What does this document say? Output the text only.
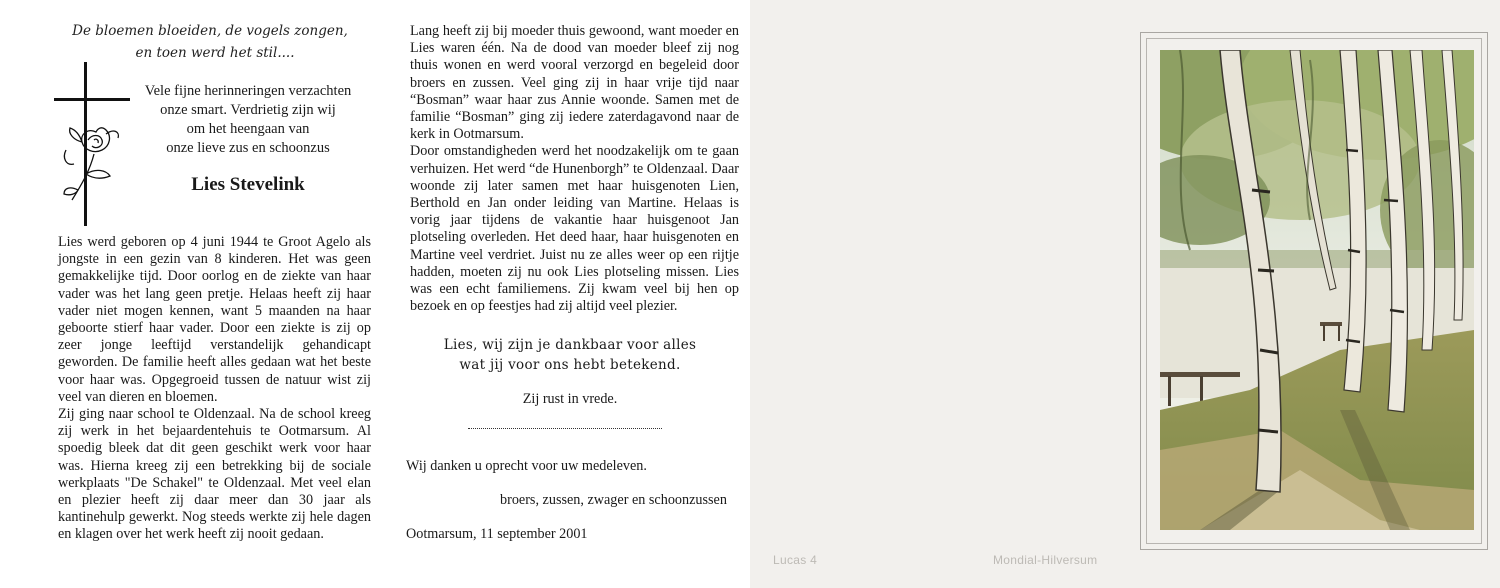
De bloemen bloeiden, de vogels zongen,
en toen werd het stil....
Vele fijne herinneringen verzachten
onze smart. Verdrietig zijn wij
om het heengaan van
onze lieve zus en schoonzus
Lies Stevelink

Lies werd geboren op 4 juni 1944 te Groot Agelo als jongste in een gezin van 8 kinderen. Het was geen gemakkelijke tijd. Door oorlog en de ziekte van haar vader was het lang geen pretje. Helaas heeft zij haar vader niet mogen kennen, want 5 maanden na haar geboorte stierf haar vader. Door een ziekte is zij op zeer jonge leeftijd verstandelijk gehandicapt geworden. De familie heeft alles gedaan wat het beste voor haar was. Opgegroeid tussen de natuur wist zij veel van dieren en bloemen.

Zij ging naar school te Oldenzaal. Na de school kreeg zij werk in het bejaardentehuis te Ootmarsum. Al spoedig bleek dat dit geen geschikt werk voor haar was. Hierna kreeg zij een betrekking bij de sociale werkplaats "De Schakel" te Oldenzaal. Met veel elan en plezier heeft zij daar meer dan 30 jaar als kantinehulp gewerkt. Nog steeds werkte zij hele dagen en klagen over het werk heeft zij nooit gedaan.

Lang heeft zij bij moeder thuis gewoond, want moeder en Lies waren één. Na de dood van moeder bleef zij nog thuis wonen en werd vooral verzorgd en begeleid door broers en zussen. Veel ging zij in haar vrije tijd naar “Bosman” waar haar zus Annie woonde. Samen met de familie “Bosman” ging zij iedere zaterdagavond naar de kerk in Ootmarsum.

Door omstandigheden werd het noodzakelijk om te gaan verhuizen. Het werd “de Hunenborgh” te Oldenzaal. Daar woonde zij later samen met haar huisgenoten Lien, Berthold en Jan onder leiding van Martine. Helaas is vorig jaar tijdens de vakantie haar huisgenoot Jan plotseling overleden. Het deed haar, haar huisgenoten en Martine veel verdriet. Juist nu ze alles weer op een rijtje hadden, moeten zij nu ook Lies plotseling missen. Lies was een echt familiemens. Zij kwam veel bij hen op bezoek en op feestjes had zij altijd veel plezier.

Lies, wij zijn je dankbaar voor alles
wat jij voor ons hebt betekend.
Zij rust in vrede.
Wij danken u oprecht voor uw medeleven.
broers, zussen, zwager en schoonzussen
Ootmarsum, 11 september 2001
Lucas 4	Mondial-Hilversum
